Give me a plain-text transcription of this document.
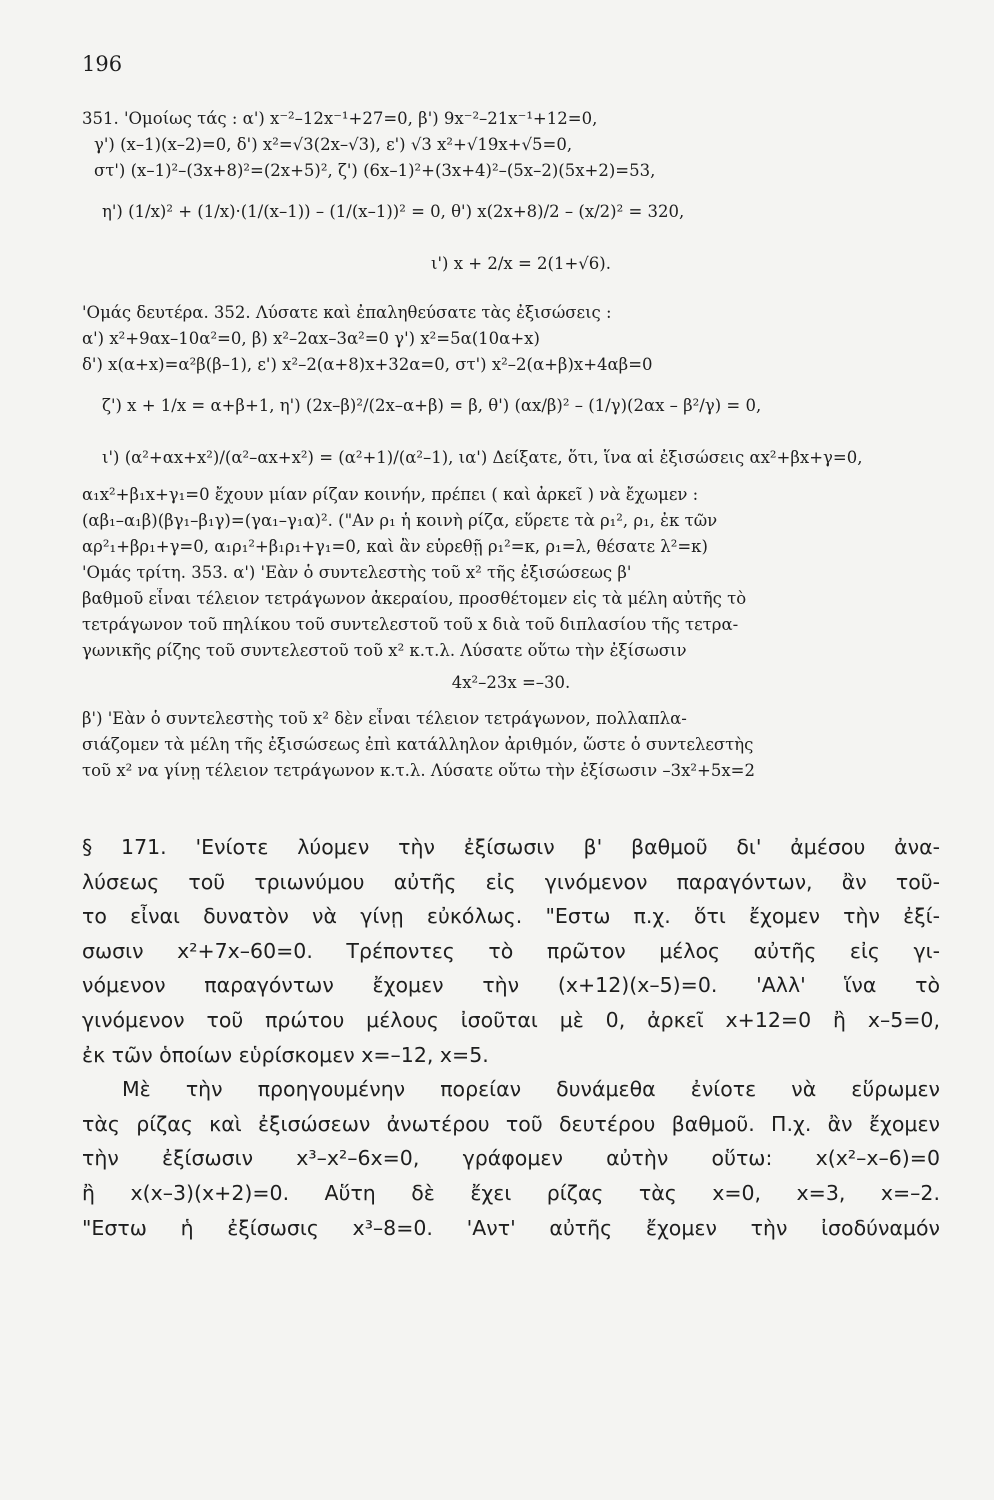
196
351. 'Ομοίως τάς : α') x⁻²–12x⁻¹+27=0, β') 9x⁻²–21x⁻¹+12=0,
γ') (x–1)(x–2)=0, δ') x²=√3(2x–√3), ε') √3 x²+√19x+√5=0,
στ') (x–1)²–(3x+8)²=(2x+5)², ζ') (6x–1)²+(3x+4)²–(5x–2)(5x+2)=53,
η') (1/x)² + (1/x)·(1/(x–1)) – (1/(x–1))² = 0, θ') x(2x+8)/2 – (x/2)² = 320,
ι') x + 2/x = 2(1+√6).
'Ομάς δευτέρα. 352. Λύσατε καὶ ἐπαληθεύσατε τὰς ἐξισώσεις :
α') x²+9αx–10α²=0, β) x²–2αx–3α²=0 γ') x²=5α(10α+x)
δ') x(α+x)=α²β(β–1), ε') x²–2(α+8)x+32α=0, στ') x²–2(α+β)x+4αβ=0
ζ') x + 1/x = α+β+1, η') (2x–β)²/(2x–α+β) = β, θ') (αx/β)² – (1/γ)(2αx – β²/γ) = 0,
ι') (α²+αx+x²)/(α²–αx+x²) = (α²+1)/(α²–1), ια') Δείξατε, ὅτι, ἵνα αἱ ἐξισώσεις αx²+βx+γ=0,
α₁x²+β₁x+γ₁=0 ἔχουν μίαν ρίζαν κοινήν, πρέπει ( καὶ ἀρκεῖ ) νὰ ἔχωμεν :
(αβ₁–α₁β)(βγ₁–β₁γ)=(γα₁–γ₁α)². ("Αν ρ₁ ἡ κοινὴ ρίζα, εὕρετε τὰ ρ₁², ρ₁, ἐκ τῶν
αρ²₁+βρ₁+γ=0, α₁ρ₁²+β₁ρ₁+γ₁=0, καὶ ἂν εὑρεθῇ ρ₁²=κ, ρ₁=λ, θέσατε λ²=κ)
'Ομάς τρίτη. 353. α') 'Εὰν ὁ συντελεστὴς τοῦ x² τῆς ἐξισώσεως β'
βαθμοῦ εἶναι τέλειον τετράγωνον ἀκεραίου, προσθέτομεν εἰς τὰ μέλη αὐτῆς τὸ
τετράγωνον τοῦ πηλίκου τοῦ συντελεστοῦ τοῦ x διὰ τοῦ διπλασίου τῆς τετρα-
γωνικῆς ρίζης τοῦ συντελεστοῦ τοῦ x² κ.τ.λ. Λύσατε οὕτω τὴν ἐξίσωσιν
4x²–23x =–30.
β') 'Εὰν ὁ συντελεστὴς τοῦ x² δὲν εἶναι τέλειον τετράγωνον, πολλαπλα-
σιάζομεν τὰ μέλη τῆς ἐξισώσεως ἐπὶ κατάλληλον ἀριθμόν, ὥστε ὁ συντελεστὴς
τοῦ x² να γίνῃ τέλειον τετράγωνον κ.τ.λ. Λύσατε οὕτω τὴν ἐξίσωσιν –3x²+5x=2
§ 171. 'Ενίοτε λύομεν τὴν ἐξίσωσιν β' βαθμοῦ δι' ἀμέσου ἀνα-
λύσεως τοῦ τριωνύμου αὐτῆς εἰς γινόμενον παραγόντων, ἂν τοῦ-
το εἶναι δυνατὸν νὰ γίνῃ εὐκόλως. "Εστω π.χ. ὅτι ἔχομεν τὴν ἐξί-
σωσιν x²+7x–60=0. Τρέποντες τὸ πρῶτον μέλος αὐτῆς εἰς γι-
νόμενον παραγόντων ἔχομεν τὴν (x+12)(x–5)=0. 'Αλλ' ἵνα τὸ
γινόμενον τοῦ πρώτου μέλους ἰσοῦται μὲ 0, ἀρκεῖ x+12=0 ἢ x–5=0,
ἐκ τῶν ὁποίων εὑρίσκομεν x=–12, x=5.
Μὲ τὴν προηγουμένην πορείαν δυνάμεθα ἐνίοτε νὰ εὕρωμεν
τὰς ρίζας καὶ ἐξισώσεων ἀνωτέρου τοῦ δευτέρου βαθμοῦ. Π.χ. ἂν ἔχομεν
τὴν ἐξίσωσιν x³–x²–6x=0, γράφομεν αὐτὴν οὕτω: x(x²–x–6)=0
ἢ x(x–3)(x+2)=0. Αὕτη δὲ ἔχει ρίζας τὰς x=0, x=3, x=–2.
"Εστω ἡ ἐξίσωσις x³–8=0. 'Αντ' αὐτῆς ἔχομεν τὴν ἰσοδύναμόν
